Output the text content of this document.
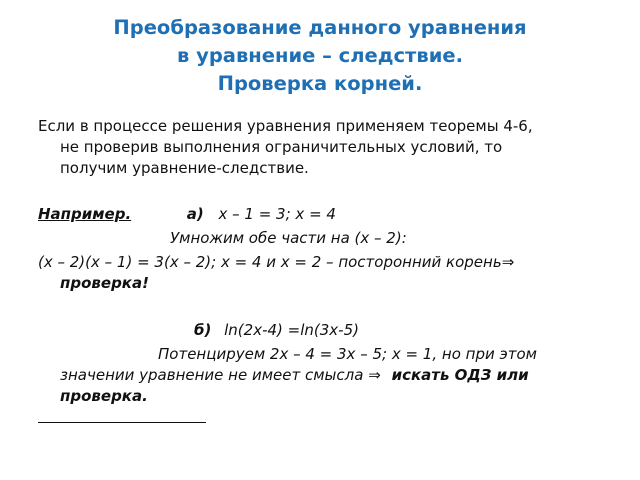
Преобразование данного уравнения
в уравнение – следствие.
Проверка корней.
Если в процессе решения уравнения применяем теоремы 4-6,
не проверив выполнения ограничительных условий, то
получим уравнение-следствие.
Например.	а) х – 1 = 3; х = 4
Умножим обе части на (х – 2):
(х – 2)(х – 1) = 3(х – 2); х = 4 и х = 2 – посторонний корень⇒
проверка!
б) ln(2x-4) =ln(3x-5)
Потенцируем 2х – 4 = 3х – 5; х = 1, но при этом
значении уравнение не имеет смысла ⇒ искать ОДЗ или
проверка.
